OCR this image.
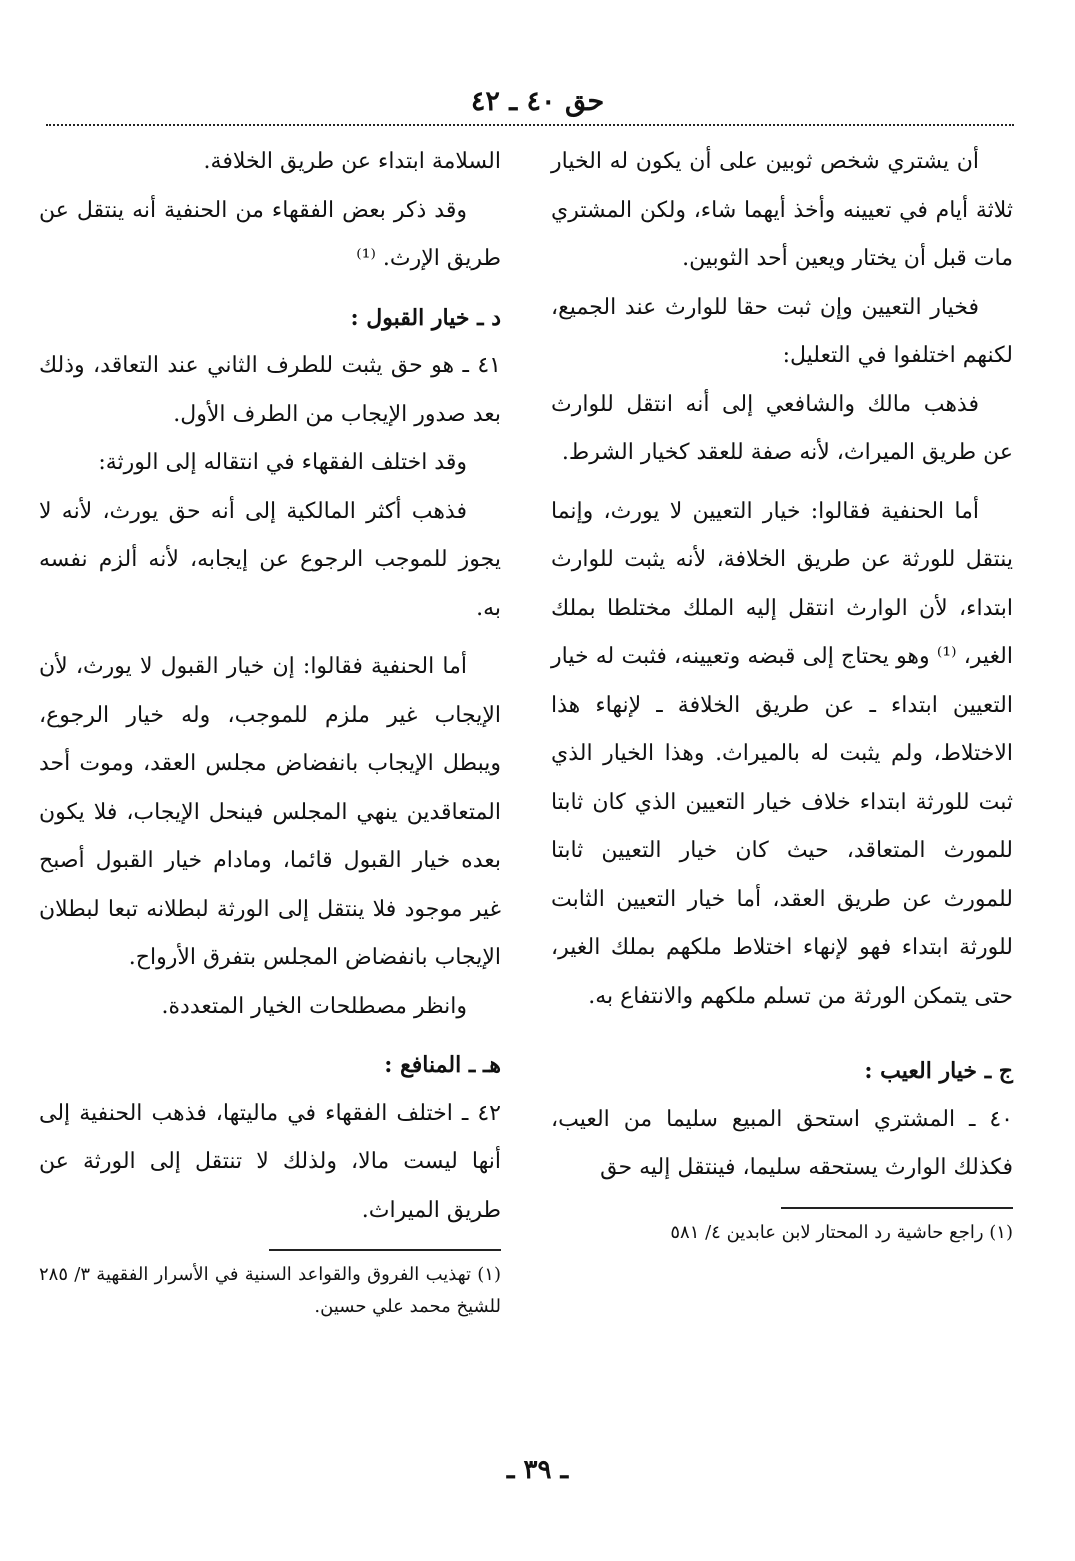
حق ٤٠ ـ ٤٢

أن يشتري شخص ثوبين على أن يكون له الخيار ثلاثة أيام في تعيينه وأخذ أيهما شاء، ولكن المشتري مات قبل أن يختار ويعين أحد الثوبين.

فخيار التعيين وإن ثبت حقا للوارث عند الجميع، لكنهم اختلفوا في التعليل:

فذهب مالك والشافعي إلى أنه انتقل للوارث عن طريق الميراث، لأنه صفة للعقد كخيار الشرط.

أما الحنفية فقالوا: خيار التعيين لا يورث، وإنما ينتقل للورثة عن طريق الخلافة، لأنه يثبت للوارث ابتداء، لأن الوارث انتقل إليه الملك مختلطا بملك الغير، ⁽¹⁾ وهو يحتاج إلى قبضه وتعيينه، فثبت له خيار التعيين ابتداء ـ عن طريق الخلافة ـ لإنهاء هذا الاختلاط، ولم يثبت له بالميراث. وهذا الخيار الذي ثبت للورثة ابتداء خلاف خيار التعيين الذي كان ثابتا للمورث المتعاقد، حيث كان خيار التعيين ثابتا للمورث عن طريق العقد، أما خيار التعيين الثابت للورثة ابتداء فهو لإنهاء اختلاط ملكهم بملك الغير، حتى يتمكن الورثة من تسلم ملكهم والانتفاع به.

ج ـ خيار العيب :

٤٠ ـ المشتري استحق المبيع سليما من العيب، فكذلك الوارث يستحقه سليما، فينتقل إليه حق

(١) راجع حاشية رد المحتار لابن عابدين ٤/ ٥٨١

السلامة ابتداء عن طريق الخلافة.

وقد ذكر بعض الفقهاء من الحنفية أنه ينتقل عن طريق الإرث. ⁽¹⁾

د ـ خيار القبول :

٤١ ـ هو حق يثبت للطرف الثاني عند التعاقد، وذلك بعد صدور الإيجاب من الطرف الأول.

وقد اختلف الفقهاء في انتقاله إلى الورثة:

فذهب أكثر المالكية إلى أنه حق يورث، لأنه لا يجوز للموجب الرجوع عن إيجابه، لأنه ألزم نفسه به.

أما الحنفية فقالوا: إن خيار القبول لا يورث، لأن الإيجاب غير ملزم للموجب، وله خيار الرجوع، ويبطل الإيجاب بانفضاض مجلس العقد، وموت أحد المتعاقدين ينهي المجلس فينحل الإيجاب، فلا يكون بعده خيار القبول قائما، ومادام خيار القبول أصبح غير موجود فلا ينتقل إلى الورثة لبطلانه تبعا لبطلان الإيجاب بانفضاض المجلس بتفرق الأرواح.

وانظر مصطلحات الخيار المتعددة.

هـ ـ المنافع :

٤٢ ـ اختلف الفقهاء في ماليتها، فذهب الحنفية إلى أنها ليست مالا، ولذلك لا تنتقل إلى الورثة عن طريق الميراث.

(١) تهذيب الفروق والقواعد السنية في الأسرار الفقهية ٣/ ٢٨٥ للشيخ محمد علي حسين.

ـ ٣٩ ـ
